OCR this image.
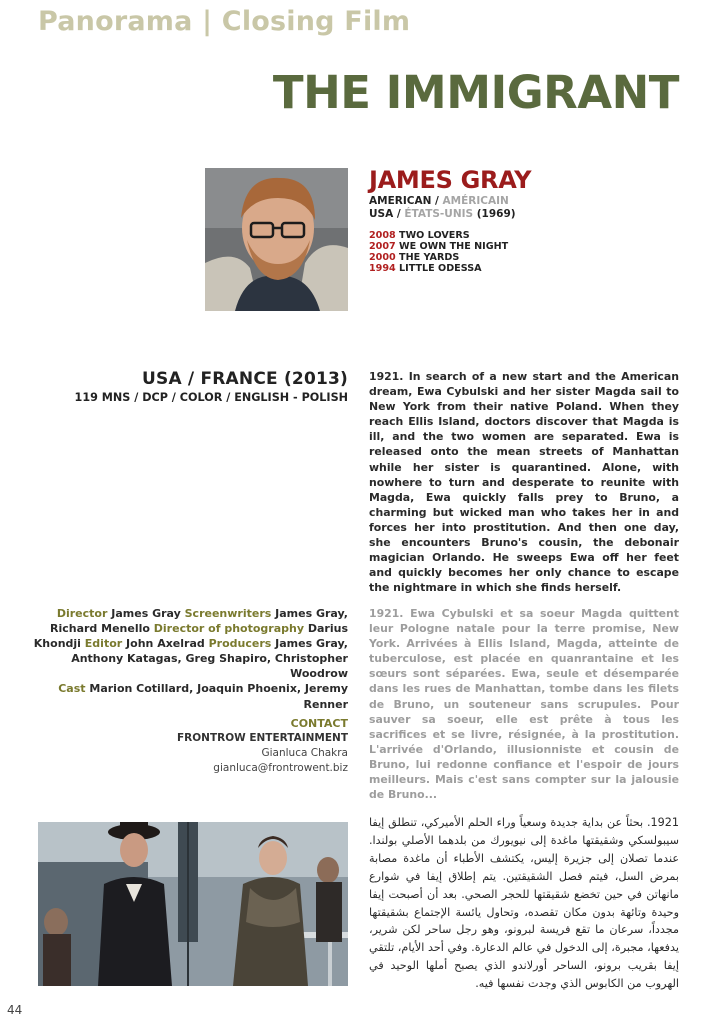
Panorama | Closing Film
THE IMMIGRANT
JAMES GRAY
AMERICAN / AMÉRICAIN
USA / ÉTATS-UNIS (1969)
2008 TWO LOVERS
2007 WE OWN THE NIGHT
2000 THE YARDS
1994 LITTLE ODESSA
USA / FRANCE (2013)
119 MNS / DCP / COLOR / ENGLISH - POLISH
1921. In search of a new start and the American dream, Ewa Cybulski and her sister Magda sail to New York from their native Poland. When they reach Ellis Island, doctors discover that Magda is ill, and the two women are separated. Ewa is released onto the mean streets of Manhattan while her sister is quarantined. Alone, with nowhere to turn and desperate to reunite with Magda, Ewa quickly falls prey to Bruno, a charming but wicked man who takes her in and forces her into prostitution. And then one day, she encounters Bruno's cousin, the debonair magician Orlando. He sweeps Ewa off her feet and quickly becomes her only chance to escape the nightmare in which she finds herself.
1921. Ewa Cybulski et sa soeur Magda quittent leur Pologne natale pour la terre promise, New York. Arrivées à Ellis Island, Magda, atteinte de tuberculose, est placée en quanrantaine et les sœurs sont séparées. Ewa, seule et désemparée dans les rues de Manhattan, tombe dans les filets de Bruno, un souteneur sans scrupules. Pour sauver sa soeur, elle est prête à tous les sacrifices et se livre, résignée, à la prostitution. L'arrivée d'Orlando, illusionniste et cousin de Bruno, lui redonne confiance et l'espoir de jours meilleurs. Mais c'est sans compter sur la jalousie de Bruno...
Director James Gray Screenwriters James Gray, Richard Menello Director of photography Darius Khondji Editor John Axelrad Producers James Gray, Anthony Katagas, Greg Shapiro, Christopher Woodrow
Cast Marion Cotillard, Joaquin Phoenix, Jeremy Renner
CONTACT
FRONTROW ENTERTAINMENT
Gianluca Chakra
gianluca@frontrowent.biz
1921. بحثاً عن بداية جديدة وسعياً وراء الحلم الأميركي، تنطلق إيفا سيبولسكي وشقيقتها ماغدة إلى نيويورك من بلدهما الأصلي بولندا. عندما تصلان إلى جزيرة إليس، يكتشف الأطباء أن ماغدة مصابة بمرض السل، فيتم فصل الشقيقتين. يتم إطلاق إيفا في شوارع مانهاتن في حين تخضع شقيقتها للحجر الصحي. بعد أن أصبحت إيفا وحيدة وتائهة بدون مكان تقصده، وتحاول يائسة الإجتماع بشقيقتها مجدداً، سرعان ما تقع فريسة لبرونو، وهو رجل ساحر لكن شرير، يدفعها، مجبرة، إلى الدخول في عالم الدعارة. وفي أحد الأيام، تلتقي إيفا بقريب برونو، الساحر أورلاندو الذي يصبح أملها الوحيد في الهروب من الكابوس الذي وجدت نفسها فيه.
44
